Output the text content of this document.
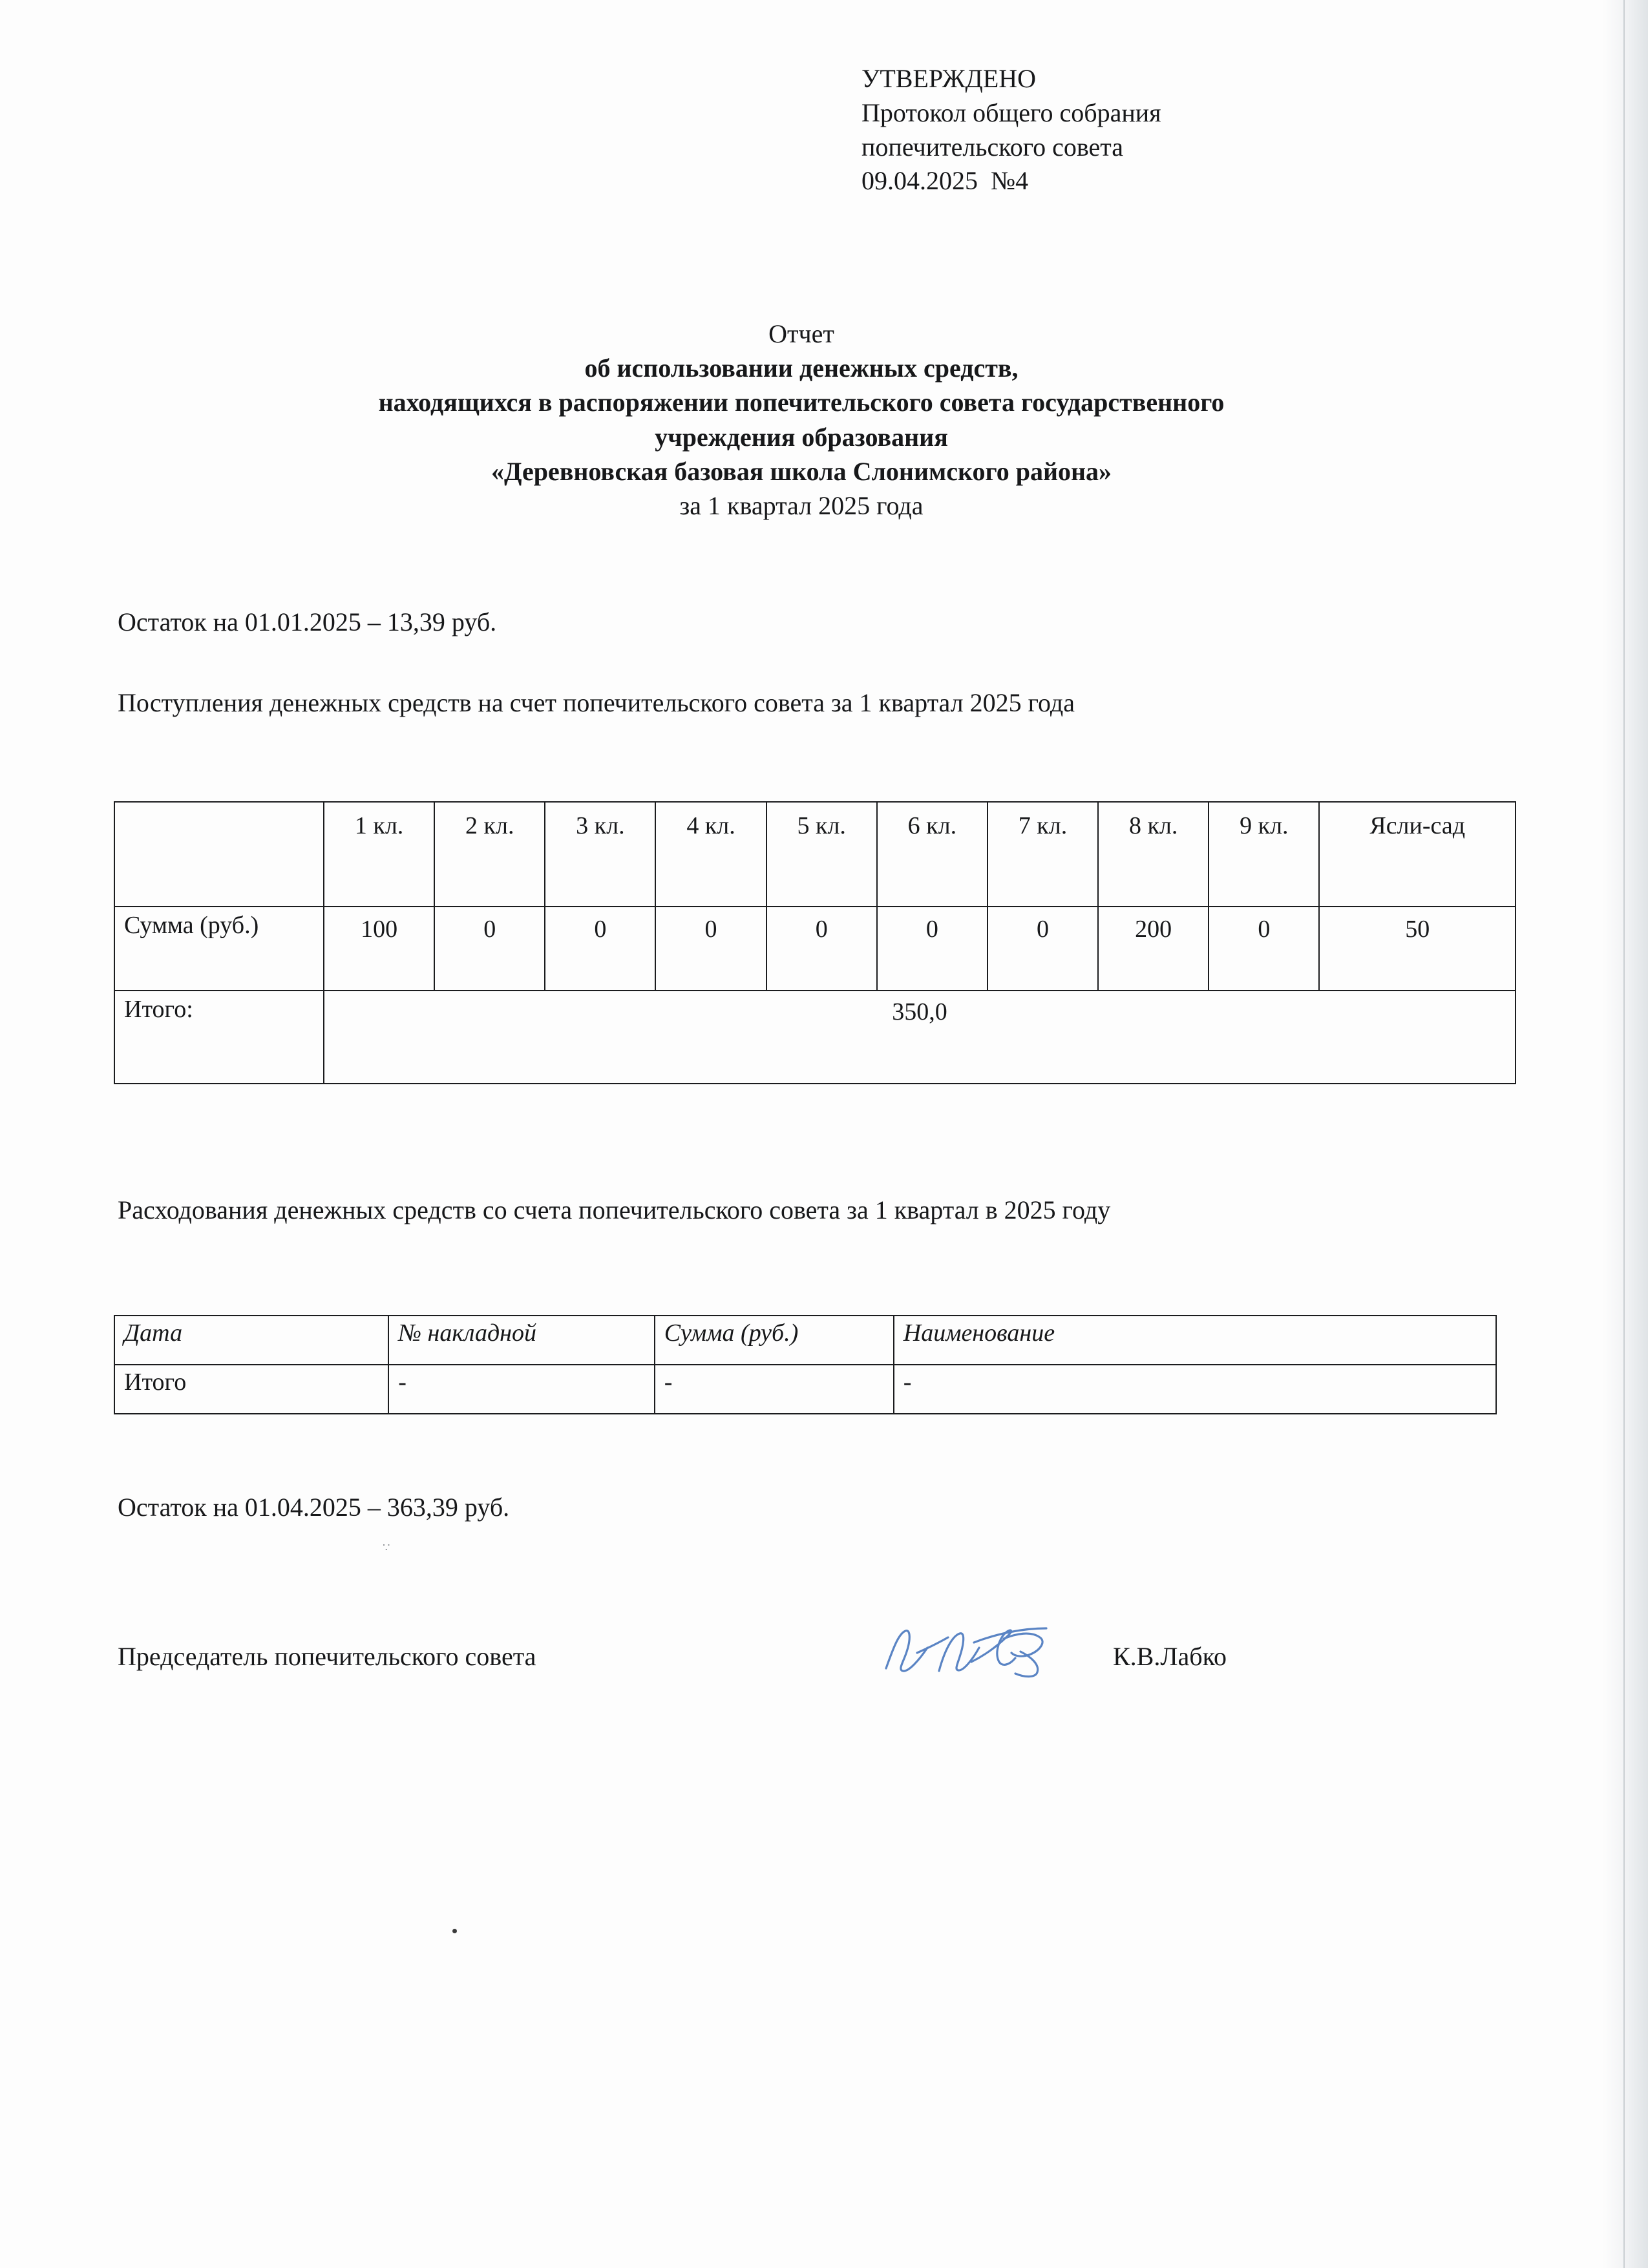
УТВЕРЖДЕНО
Протокол общего собрания
попечительского совета
09.04.2025  №4
Отчет
об использовании денежных средств,
находящихся в распоряжении попечительского совета государственного
учреждения образования
«Деревновская базовая школа Слонимского района»
за 1 квартал 2025 года
Остаток на 01.01.2025 – 13,39 руб.
Поступления денежных средств на счет попечительского совета за 1 квартал 2025 года
	1 кл.	2 кл.	3 кл.	4 кл.	5 кл.	6 кл.	7 кл.	8 кл.	9 кл.	Ясли-сад
Сумма (руб.)	100	0	0	0	0	0	0	200	0	50
Итого:	350,0									
Расходования денежных средств со счета попечительского совета за 1 квартал в 2025 году
Дата	№ накладной	Сумма (руб.)	Наименование
Итого	-	-	-
Остаток на 01.04.2025 – 363,39 руб.
∵
Председатель попечительского совета	К.В.Лабко
